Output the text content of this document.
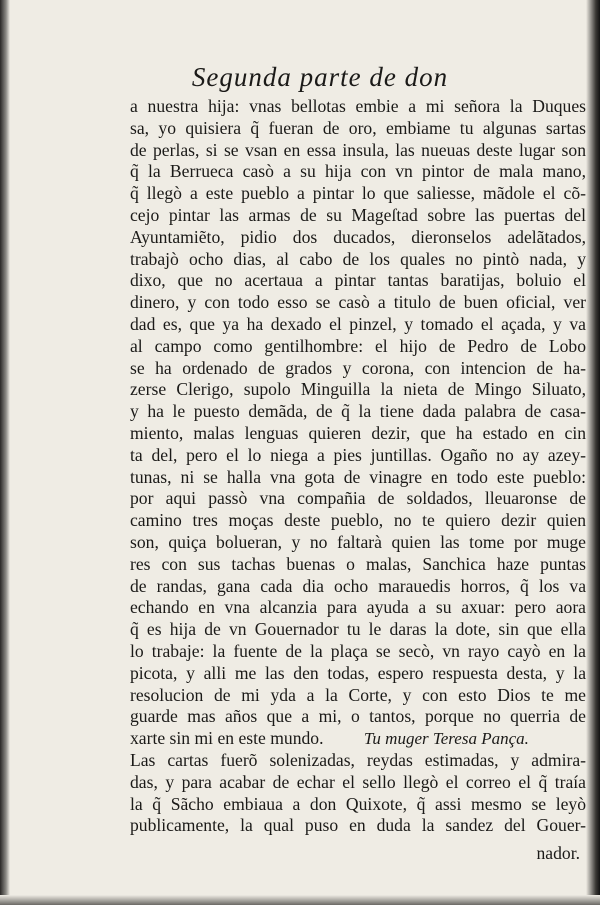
Segunda parte de don
a nuestra hija: vnas bellotas embie a mi señora la Duques
sa, yo quisiera q̃ fueran de oro, embiame tu algunas sartas
de perlas, si se vsan en essa insula, las nueuas deste lugar son
q̃ la Berrueca casò a su hija con vn pintor de mala mano,
q̃ llegò a este pueblo a pintar lo que saliesse, mãdole el cõ-
cejo pintar las armas de su Mageſtad sobre las puertas del
Ayuntamiẽto, pidio dos ducados, dieronselos adelãtados,
trabajò ocho dias, al cabo de los quales no pintò nada, y
dixo, que no acertaua a pintar tantas baratijas, boluio el
dinero, y con todo esso se casò a titulo de buen oficial, ver
dad es, que ya ha dexado el pinzel, y tomado el açada, y va
al campo como gentilhombre: el hijo de Pedro de Lobo
se ha ordenado de grados y corona, con intencion de ha-
zerse Clerigo, supolo Minguilla la nieta de Mingo Siluato,
y ha le puesto demãda, de q̃ la tiene dada palabra de casa-
miento, malas lenguas quieren dezir, que ha estado en cin
ta del, pero el lo niega a pies juntillas. Ogaño no ay azey-
tunas, ni se halla vna gota de vinagre en todo este pueblo:
por aqui passò vna compañia de soldados, lleuaronse de
camino tres moças deste pueblo, no te quiero dezir quien
son, quiça bolueran, y no faltarà quien las tome por muge
res con sus tachas buenas o malas, Sanchica haze puntas
de randas, gana cada dia ocho marauedis horros, q̃ los va
echando en vna alcanzia para ayuda a su axuar: pero aora
q̃ es hija de vn Gouernador tu le daras la dote, sin que ella
lo trabaje: la fuente de la plaça se secò, vn rayo cayò en la
picota, y alli me las den todas, espero respuesta desta, y la
resolucion de mi yda a la Corte, y con esto Dios te me
guarde mas años que a mi, o tantos, porque no querria de
xarte sin mi en este mundo. Tu muger Teresa Pança.
Las cartas fuerõ solenizadas, reydas estimadas, y admira-
das, y para acabar de echar el sello llegò el correo el q̃ traía
la q̃ Sãcho embiaua a don Quixote, q̃ assi mesmo se leyò
publicamente, la qual puso en duda la sandez del Gouer-
nador.
